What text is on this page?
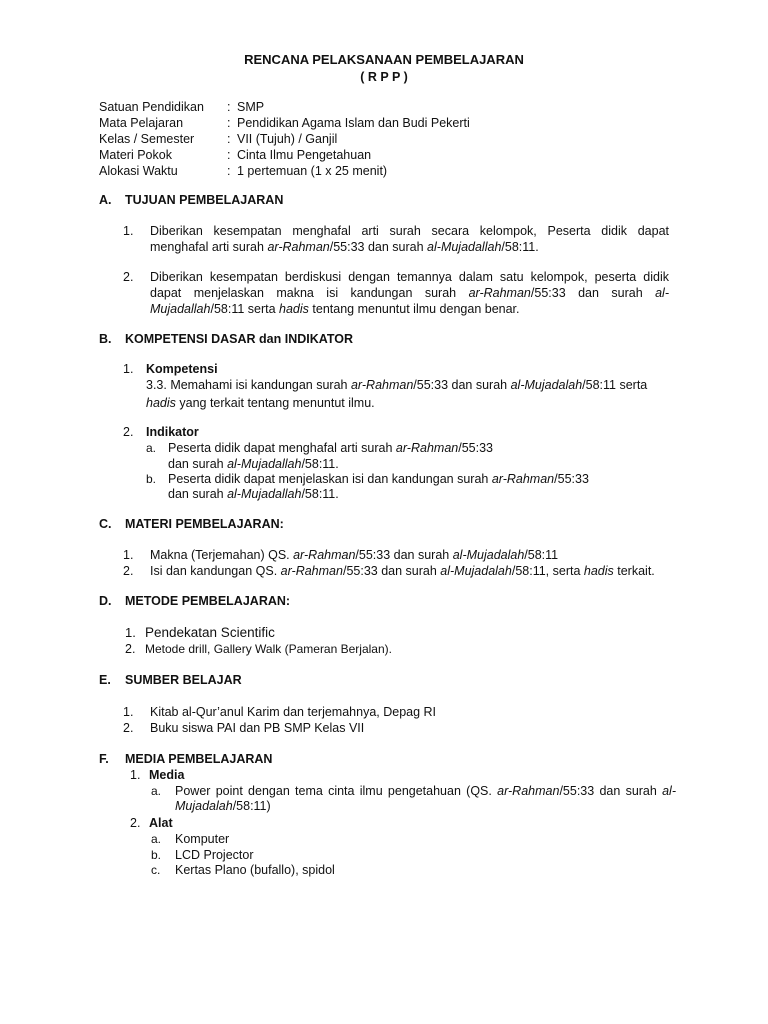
RENCANA PELAKSANAAN PEMBELAJARAN
( R P P )
Satuan Pendidikan : SMP
Mata Pelajaran	: Pendidikan Agama Islam dan Budi Pekerti
Kelas / Semester	: VII (Tujuh) / Ganjil
Materi Pokok	: Cinta Ilmu Pengetahuan
Alokasi Waktu	: 1 pertemuan (1 x 25 menit)
A. TUJUAN PEMBELAJARAN
1. Diberikan kesempatan menghafal arti surah secara kelompok, Peserta didik dapat
menghafal arti surah ar-Rahman/55:33 dan surah al-Mujadallah/58:11.
2. Diberikan kesempatan berdiskusi dengan temannya dalam satu kelompok, peserta didik
dapat menjelaskan makna isi kandungan surah ar-Rahman/55:33 dan surah al-
Mujadallah/58:11 serta hadis tentang menuntut ilmu dengan benar.
B. KOMPETENSI DASAR dan INDIKATOR
1. Kompetensi
3.3. Memahami isi kandungan surah ar-Rahman/55:33 dan surah al-Mujadalah/58:11 serta
hadis yang terkait tentang menuntut ilmu.
2. Indikator
a. Peserta didik dapat menghafal arti surah ar-Rahman/55:33
dan surah al-Mujadallah/58:11.
b. Peserta didik dapat menjelaskan isi dan kandungan surah ar-Rahman/55:33
dan surah al-Mujadallah/58:11.
C. MATERI PEMBELAJARAN:
1. Makna (Terjemahan) QS. ar-Rahman/55:33 dan surah al-Mujadalah/58:11
2. Isi dan kandungan QS. ar-Rahman/55:33 dan surah al-Mujadalah/58:11, serta hadis terkait.
D. METODE PEMBELAJARAN:
1. Pendekatan Scientific
2. Metode drill, Gallery Walk (Pameran Berjalan).
E. SUMBER BELAJAR
1. Kitab al-Qur’anul Karim dan terjemahnya, Depag RI
2. Buku siswa PAI dan PB SMP Kelas VII
F. MEDIA PEMBELAJARAN
1. Media
a. Power point dengan tema cinta ilmu pengetahuan (QS. ar-Rahman/55:33 dan surah al-
Mujadalah/58:11)
2. Alat
a. Komputer
b. LCD Projector
c. Kertas Plano (bufallo), spidol
